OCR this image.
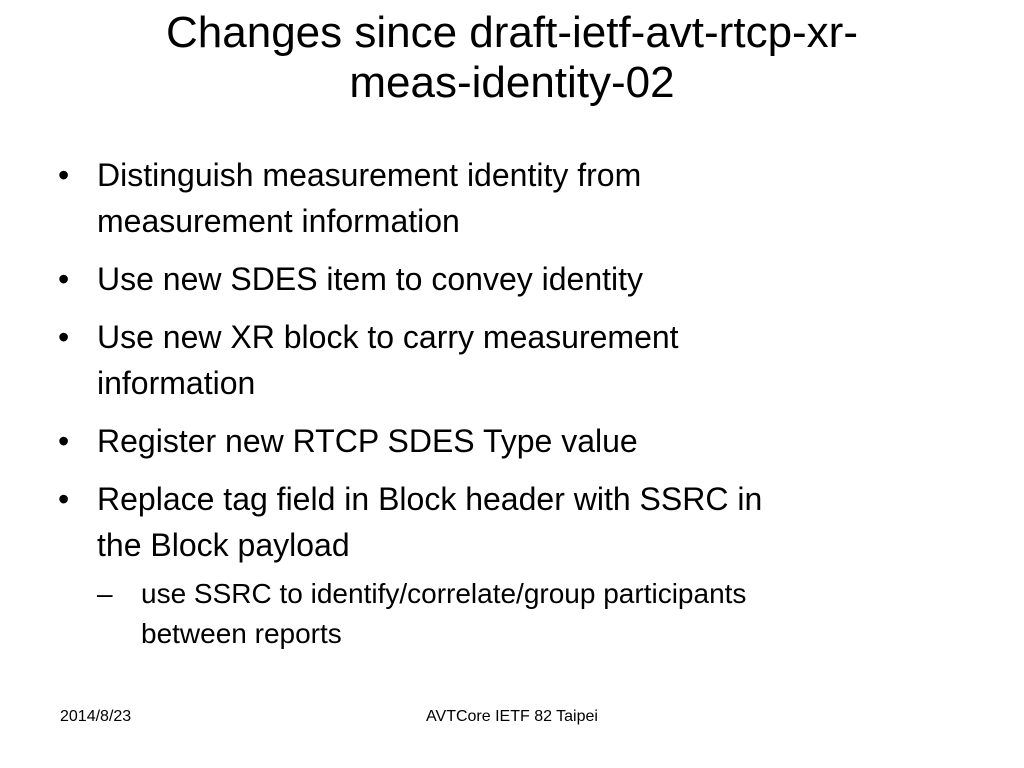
Changes since draft-ietf-avt-rtcp-xr-
meas-identity-02
• Distinguish measurement identity from
measurement information
• Use new SDES item to convey identity
• Use new XR block to carry measurement
information
• Register new RTCP SDES Type value
• Replace tag field in Block header with SSRC in
the Block payload
–	use SSRC to identify/correlate/group participants
between reports
2014/8/23	AVTCore IETF 82 Taipei
